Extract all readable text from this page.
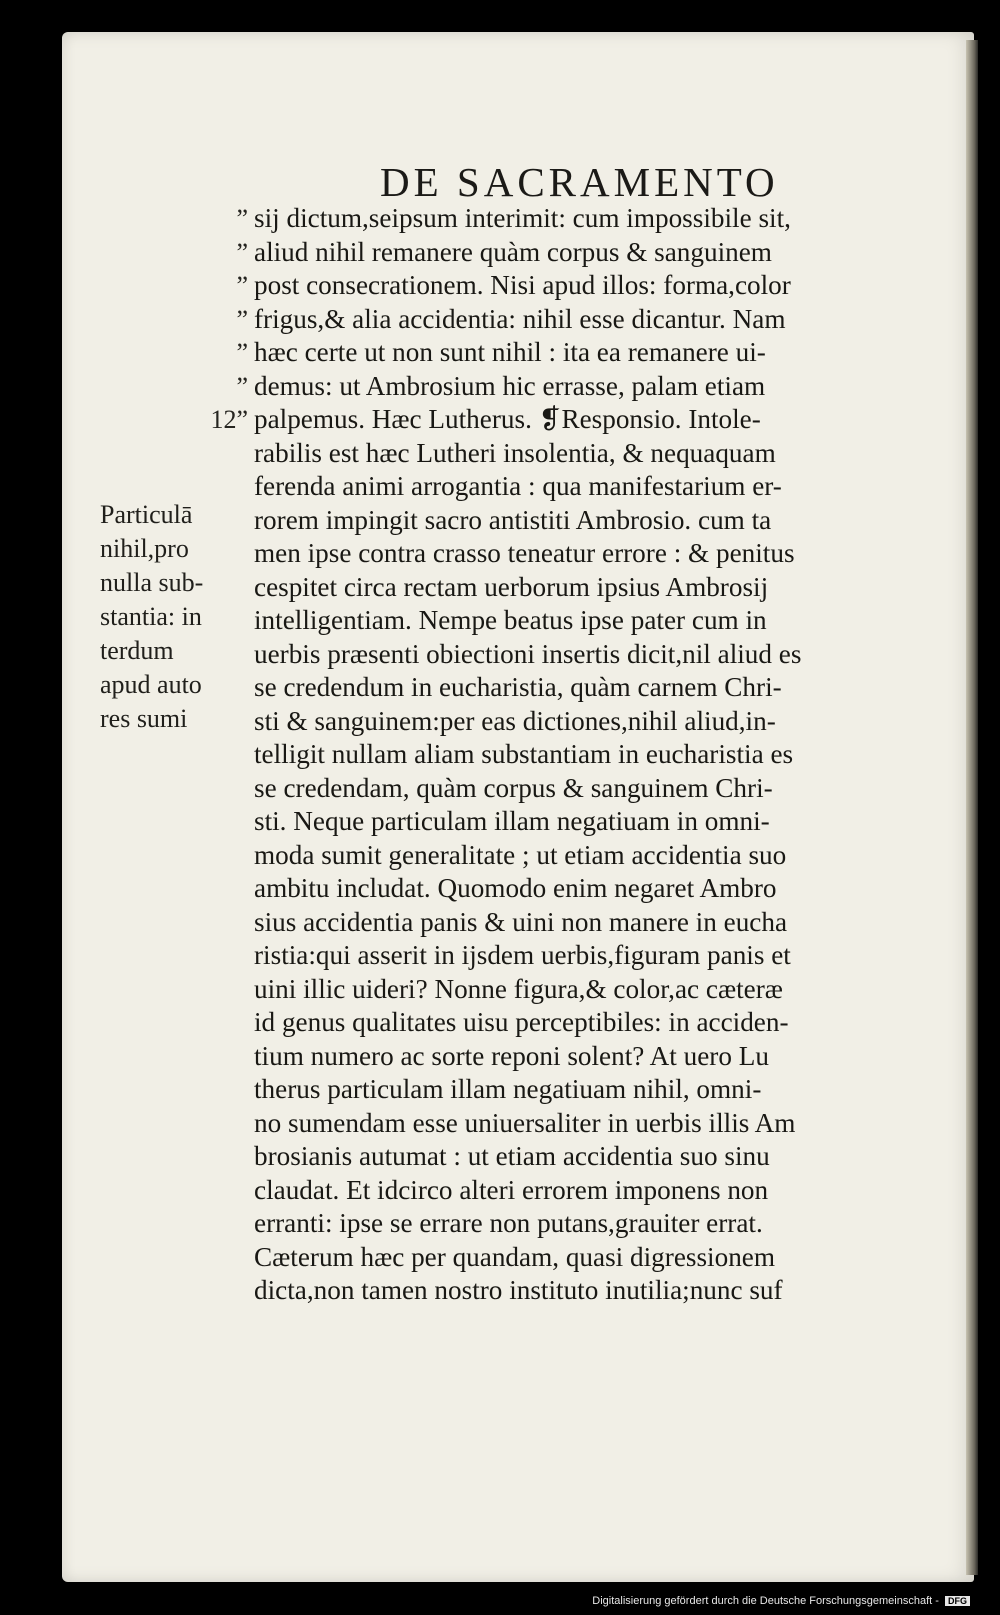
DE SACRAMENTO
”
”
”
”
”
”
12”
sij dictum,seipsum interimit: cum impossibile sit,
aliud nihil remanere quàm corpus & sanguinem
post consecrationem. Nisi apud illos: forma,color
frigus,& alia accidentia: nihil esse dicantur. Nam
hæc certe ut non sunt nihil : ita ea remanere ui-
demus: ut Ambrosium hic errasse, palam etiam
palpemus. Hæc Lutherus. ❡Responsio. Intole-
rabilis est hæc Lutheri insolentia, & nequaquam
ferenda animi arrogantia : qua manifestarium er-
rorem impingit sacro antistiti Ambrosio. cum ta
men ipse contra crasso teneatur errore : & penitus
cespitet circa rectam uerborum ipsius Ambrosij
intelligentiam. Nempe beatus ipse pater cum in
uerbis præsenti obiectioni insertis dicit,nil aliud es
se credendum in eucharistia, quàm carnem Chri-
sti & sanguinem:per eas dictiones,nihil aliud,in-
telligit nullam aliam substantiam in eucharistia es
se credendam, quàm corpus & sanguinem Chri-
sti. Neque particulam illam negatiuam in omni-
moda sumit generalitate ; ut etiam accidentia suo
ambitu includat. Quomodo enim negaret Ambro
sius accidentia panis & uini non manere in eucha
ristia:qui asserit in ijsdem uerbis,figuram panis et
uini illic uideri? Nonne figura,& color,ac cæteræ
id genus qualitates uisu perceptibiles: in acciden-
tium numero ac sorte reponi solent? At uero Lu
therus particulam illam negatiuam nihil, omni-
no sumendam esse uniuersaliter in uerbis illis Am
brosianis autumat : ut etiam accidentia suo sinu
claudat. Et idcirco alteri errorem imponens non
erranti: ipse se errare non putans,grauiter errat.
Cæterum hæc per quandam, quasi digressionem
dicta,non tamen nostro instituto inutilia;nunc suf
Particulā
nihil,pro
nulla sub-
stantia: in
terdum
apud auto
res sumi
Digitalisierung gefördert durch die Deutsche Forschungsgemeinschaft - DFG
